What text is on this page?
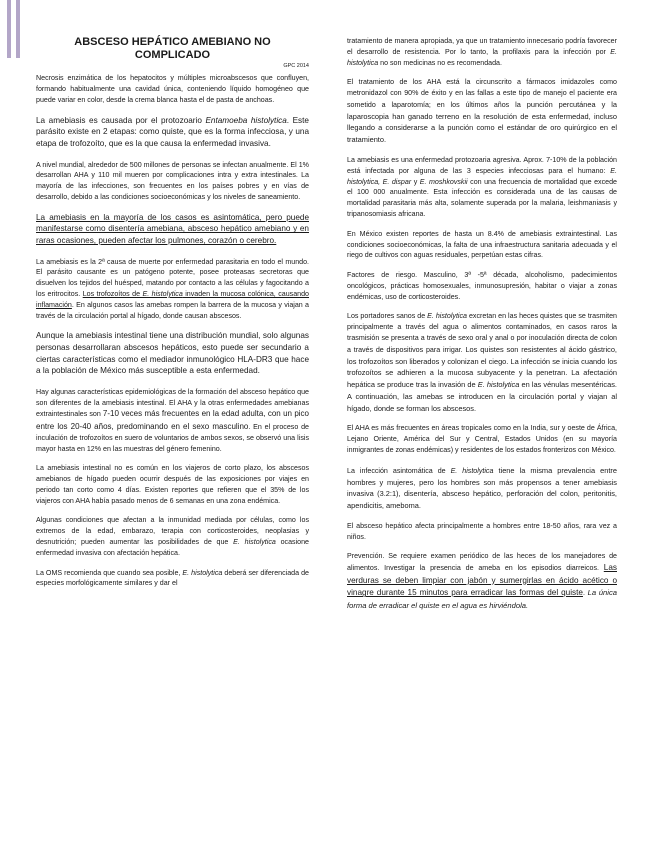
ABSCESO HEPÁTICO AMEBIANO NO COMPLICADO
GPC 2014

Necrosis enzimática de los hepatocitos y múltiples microabscesos que confluyen, formando habitualmente una cavidad única, conteniendo líquido homogéneo que puede variar en color, desde la crema blanca hasta el de pasta de anchoas.

La amebiasis es causada por el protozoario Entamoeba histolytica. Este parásito existe en 2 etapas: como quiste, que es la forma infecciosa, y una etapa de trofozoíto, que es la que causa la enfermedad invasiva.

A nivel mundial, alrededor de 500 millones de personas se infectan anualmente. El 1% desarrollan AHA y 110 mil mueren por complicaciones intra y extra intestinales. La mayoría de las infecciones, son frecuentes en los países pobres y en vías de desarrollo, debido a las condiciones socioeconómicas y los niveles de saneamiento.

La amebiasis en la mayoría de los casos es asintomática, pero puede manifestarse como disentería amebiana, absceso hepático amebiano y en raras ocasiones, pueden afectar los pulmones, corazón o cerebro.

La amebiasis es la 2ª causa de muerte por enfermedad parasitaria en todo el mundo. El parásito causante es un patógeno potente, posee proteasas secretoras que disuelven los tejidos del huésped, matando por contacto a las células y fagocitando a los eritrocitos. Los trofozoítos de E. histolytica invaden la mucosa colónica, causando inflamación. En algunos casos las amebas rompen la barrera de la mucosa y viajan a través de la circulación portal al hígado, donde causan abscesos.

Aunque la amebiasis intestinal tiene una distribución mundial, solo algunas personas desarrollaran abscesos hepáticos, esto puede ser secundario a ciertas características como el mediador inmunológico HLA-DR3 que hace a la población de México más susceptible a esta enfermedad.

Hay algunas características epidemiológicas de la formación del absceso hepático que son diferentes de la amebiasis intestinal. El AHA y la otras enfermedades amebianas extraintestinales son 7-10 veces más frecuentes en la edad adulta, con un pico entre los 20-40 años, predominando en el sexo masculino. En el proceso de inculación de trofozoítos en suero de voluntarios de ambos sexos, se observó una lisis mayor hasta en 12% en las muestras del género femenino.

La amebiasis intestinal no es común en los viajeros de corto plazo, los abscesos amebianos de hígado pueden ocurrir después de las exposiciones por viajes en periodo tan corto como 4 días. Existen reportes que refieren que el 35% de los viajeros con AHA había pasado menos de 6 semanas en una zona endémica.

Algunas condiciones que afectan a la inmunidad mediada por células, como los extremos de la edad, embarazo, terapia con corticosteroides, neoplasias y desnutrición; pueden aumentar las posibilidades de que E. histolytica ocasione enfermedad invasiva con afectación hepática.

La OMS recomienda que cuando sea posible, E. histolytica deberá ser diferenciada de especies morfológicamente similares y dar el

tratamiento de manera apropiada, ya que un tratamiento innecesario podría favorecer el desarrollo de resistencia. Por lo tanto, la profilaxis para la infección por E. histolytica no son medicinas no es recomendada.

El tratamiento de los AHA está la circunscrito a fármacos imidazoles como metronidazol con 90% de éxito y en las fallas a este tipo de manejo el paciente era sometido a laparotomía; en los últimos años la punción percutánea y la laparoscopia han ganado terreno en la resolución de esta enfermedad, incluso llegando a considerarse a la punción como el estándar de oro quirúrgico en el tratamiento.

La amebiasis es una enfermedad protozoaria agresiva. Aprox. 7-10% de la población está infectada por alguna de las 3 especies infecciosas para el humano: E. histolytica, E. dispar y E. moshkovskii con una frecuencia de mortalidad que excede el 100 000 anualmente. Esta infección es considerada una de las causas de mortalidad parasitaria más alta, solamente superada por la malaria, leishmaniasis y tripanosomiasis africana.

En México existen reportes de hasta un 8.4% de amebiasis extraintestinal. Las condiciones socioeconómicas, la falta de una infraestructura sanitaria adecuada y el riego de cultivos con aguas residuales, perpetúan estas cifras.

Factores de riesgo. Masculino, 3ª -5ª década, alcoholismo, padecimientos oncológicos, prácticas homosexuales, inmunosupresión, habitar o viajar a zonas endémicas, uso de corticosteroides.

Los portadores sanos de E. histolytica excretan en las heces quistes que se trasmiten principalmente a través del agua o alimentos contaminados, en casos raros la trasmisión se presenta a través de sexo oral y anal o por inoculación directa de colon a través de dispositivos para irrigar. Los quistes son resistentes al ácido gástrico, los trofozoítos son liberados y colonizan el ciego. La infección se inicia cuando los trofozoítos se adhieren a la mucosa subyacente y la penetran. La afectación hepática se produce tras la invasión de E. histolytica en las vénulas mesentéricas. A continuación, las amebas se introducen en la circulación portal y viajan al hígado, donde se forman los abscesos.

El AHA es más frecuentes en áreas tropicales como en la India, sur y oeste de África, Lejano Oriente, América del Sur y Central, Estados Unidos (en su mayoría inmigrantes de zonas endémicas) y residentes de los estados fronterizos con México.

La infección asintomática de E. histolytica tiene la misma prevalencia entre hombres y mujeres, pero los hombres son más propensos a tener amebiasis invasiva (3.2:1), disentería, absceso hepático, perforación del colon, peritonitis, apendicitis, ameboma.

El absceso hepático afecta principalmente a hombres entre 18-50 años, rara vez a niños.

Prevención. Se requiere examen periódico de las heces de los manejadores de alimentos. Investigar la presencia de ameba en los episodios diarreicos. Las verduras se deben limpiar con jabón y sumergirlas en ácido acético o vinagre durante 15 minutos para erradicar las formas del quiste. La única forma de erradicar el quiste en el agua es hirviéndola.
